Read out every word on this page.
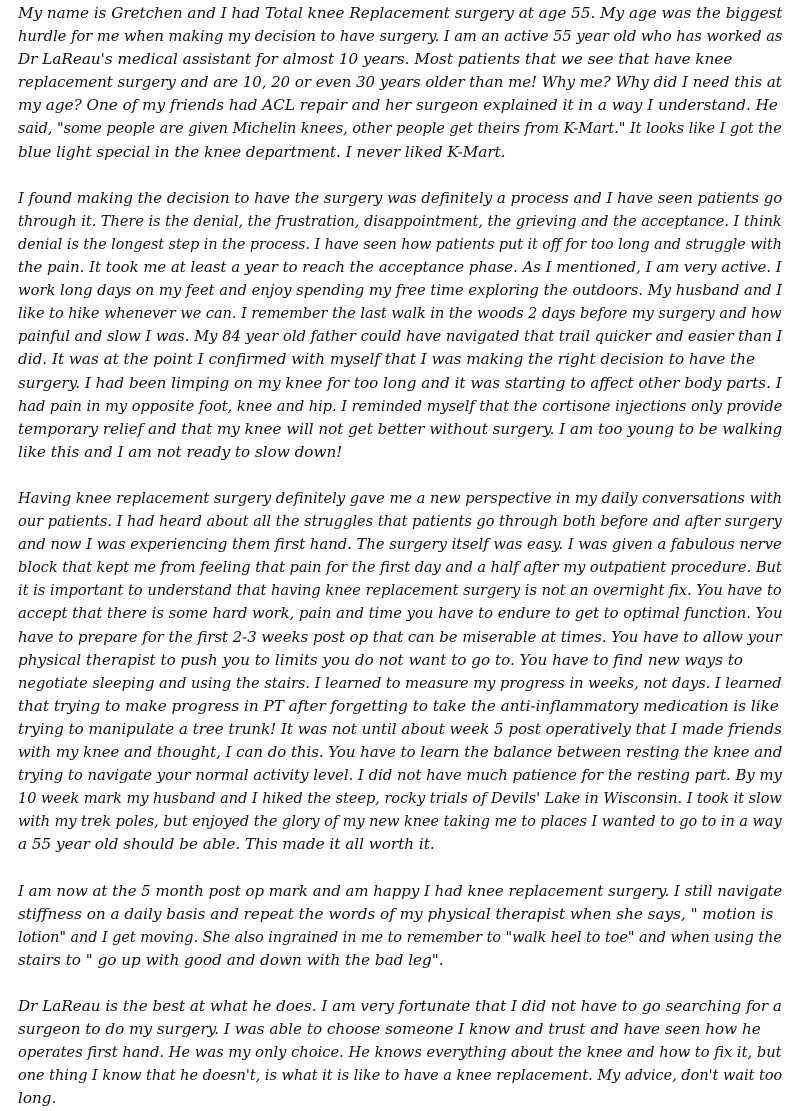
My name is Gretchen and I had Total knee Replacement surgery at age 55. My age was the biggest
hurdle for me when making my decision to have surgery. I am an active 55 year old who has worked as
Dr LaReau's medical assistant for almost 10 years. Most patients that we see that have knee
replacement surgery and are 10, 20 or even 30 years older than me! Why me? Why did I need this at
my age? One of my friends had ACL repair and her surgeon explained it in a way I understand. He
said, "some people are given Michelin knees, other people get theirs from K-Mart." It looks like I got the
blue light special in the knee department. I never liked K-Mart.
I found making the decision to have the surgery was definitely a process and I have seen patients go
through it. There is the denial, the frustration, disappointment, the grieving and the acceptance. I think
denial is the longest step in the process. I have seen how patients put it off for too long and struggle with
the pain. It took me at least a year to reach the acceptance phase. As I mentioned, I am very active. I
work long days on my feet and enjoy spending my free time exploring the outdoors. My husband and I
like to hike whenever we can. I remember the last walk in the woods 2 days before my surgery and how
painful and slow I was. My 84 year old father could have navigated that trail quicker and easier than I
did. It was at the point I confirmed with myself that I was making the right decision to have the
surgery. I had been limping on my knee for too long and it was starting to affect other body parts. I
had pain in my opposite foot, knee and hip. I reminded myself that the cortisone injections only provide
temporary relief and that my knee will not get better without surgery. I am too young to be walking
like this and I am not ready to slow down!
Having knee replacement surgery definitely gave me a new perspective in my daily conversations with
our patients. I had heard about all the struggles that patients go through both before and after surgery
and now I was experiencing them first hand. The surgery itself was easy. I was given a fabulous nerve
block that kept me from feeling that pain for the first day and a half after my outpatient procedure. But
it is important to understand that having knee replacement surgery is not an overnight fix. You have to
accept that there is some hard work, pain and time you have to endure to get to optimal function. You
have to prepare for the first 2-3 weeks post op that can be miserable at times. You have to allow your
physical therapist to push you to limits you do not want to go to. You have to find new ways to
negotiate sleeping and using the stairs. I learned to measure my progress in weeks, not days. I learned
that trying to make progress in PT after forgetting to take the anti-inflammatory medication is like
trying to manipulate a tree trunk! It was not until about week 5 post operatively that I made friends
with my knee and thought, I can do this. You have to learn the balance between resting the knee and
trying to navigate your normal activity level. I did not have much patience for the resting part. By my
10 week mark my husband and I hiked the steep, rocky trials of Devils' Lake in Wisconsin. I took it slow
with my trek poles, but enjoyed the glory of my new knee taking me to places I wanted to go to in a way
a 55 year old should be able. This made it all worth it.
I am now at the 5 month post op mark and am happy I had knee replacement surgery. I still navigate
stiffness on a daily basis and repeat the words of my physical therapist when she says, " motion is
lotion" and I get moving. She also ingrained in me to remember to "walk heel to toe" and when using the
stairs to " go up with good and down with the bad leg".
Dr LaReau is the best at what he does. I am very fortunate that I did not have to go searching for a
surgeon to do my surgery. I was able to choose someone I know and trust and have seen how he
operates first hand. He was my only choice. He knows everything about the knee and how to fix it, but
one thing I know that he doesn't, is what it is like to have a knee replacement. My advice, don't wait too
long.
